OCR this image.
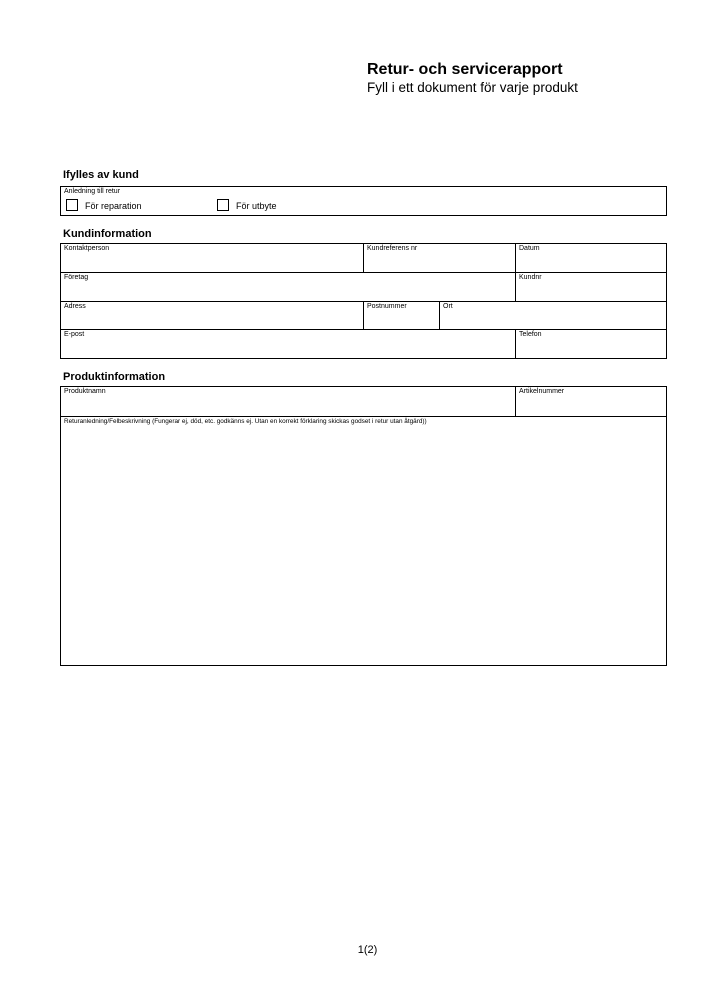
Retur- och servicerapport
Fyll i ett dokument för varje produkt
Ifylles av kund
Anledning till retur
För reparation	För utbyte
Kundinformation
Kontaktperson	Kundreferens nr	Datum
Företag	Kundnr
Adress	Postnummer	Ort
E-post	Telefon
Produktinformation
Produktnamn	Artikelnummer
Returanledning/Felbeskrivning (Fungerar ej, död, etc. godkänns ej. Utan en korrekt förklaring skickas godset i retur utan åtgärd))
1(2)
